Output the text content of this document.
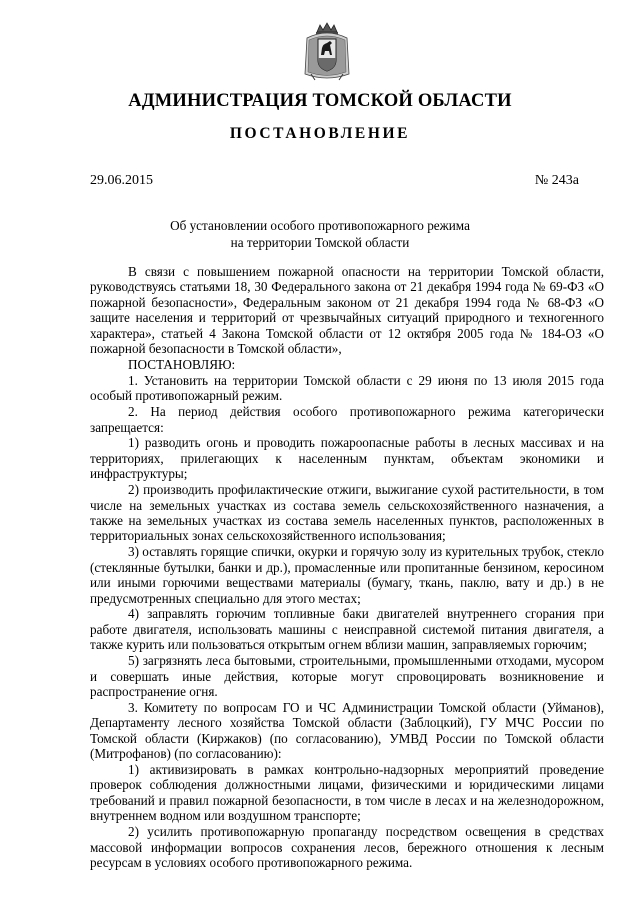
АДМИНИСТРАЦИЯ ТОМСКОЙ ОБЛАСТИ
ПОСТАНОВЛЕНИЕ
29.06.2015	№ 243а
Об установлении особого противопожарного режима
на территории Томской области

В связи с повышением пожарной опасности на территории Томской области, руководствуясь статьями 18, 30 Федерального закона от 21 декабря 1994 года № 69-ФЗ «О пожарной безопасности», Федеральным законом от 21 декабря 1994 года № 68-ФЗ «О защите населения и территорий от чрезвычайных ситуаций природного и техногенного характера», статьей 4 Закона Томской области от 12 октября 2005 года № 184-ОЗ «О пожарной безопасности в Томской области»,

ПОСТАНОВЛЯЮ:

1. Установить на территории Томской области с 29 июня по 13 июля 2015 года особый противопожарный режим.

2. На период действия особого противопожарного режима категорически запрещается:

1) разводить огонь и проводить пожароопасные работы в лесных массивах и на территориях, прилегающих к населенным пунктам, объектам экономики и инфраструктуры;

2) производить профилактические отжиги, выжигание сухой растительности, в том числе на земельных участках из состава земель сельскохозяйственного назначения, а также на земельных участках из состава земель населенных пунктов, расположенных в территориальных зонах сельскохозяйственного использования;

3) оставлять горящие спички, окурки и горячую золу из курительных трубок, стекло (стеклянные бутылки, банки и др.), промасленные или пропитанные бензином, керосином или иными горючими веществами материалы (бумагу, ткань, паклю, вату и др.) в не предусмотренных специально для этого местах;

4) заправлять горючим топливные баки двигателей внутреннего сгорания при работе двигателя, использовать машины с неисправной системой питания двигателя, а также курить или пользоваться открытым огнем вблизи машин, заправляемых горючим;

5) загрязнять леса бытовыми, строительными, промышленными отходами, мусором и совершать иные действия, которые могут спровоцировать возникновение и распространение огня.

3. Комитету по вопросам ГО и ЧС Администрации Томской области (Уйманов), Департаменту лесного хозяйства Томской области (Заблоцкий), ГУ МЧС России по Томской области (Киржаков) (по согласованию), УМВД России по Томской области (Митрофанов) (по согласованию):

1) активизировать в рамках контрольно-надзорных мероприятий проведение проверок соблюдения должностными лицами, физическими и юридическими лицами требований и правил пожарной безопасности, в том числе в лесах и на железнодорожном, внутреннем водном или воздушном транспорте;

2) усилить противопожарную пропаганду посредством освещения в средствах массовой информации вопросов сохранения лесов, бережного отношения к лесным ресурсам в условиях особого противопожарного режима.
